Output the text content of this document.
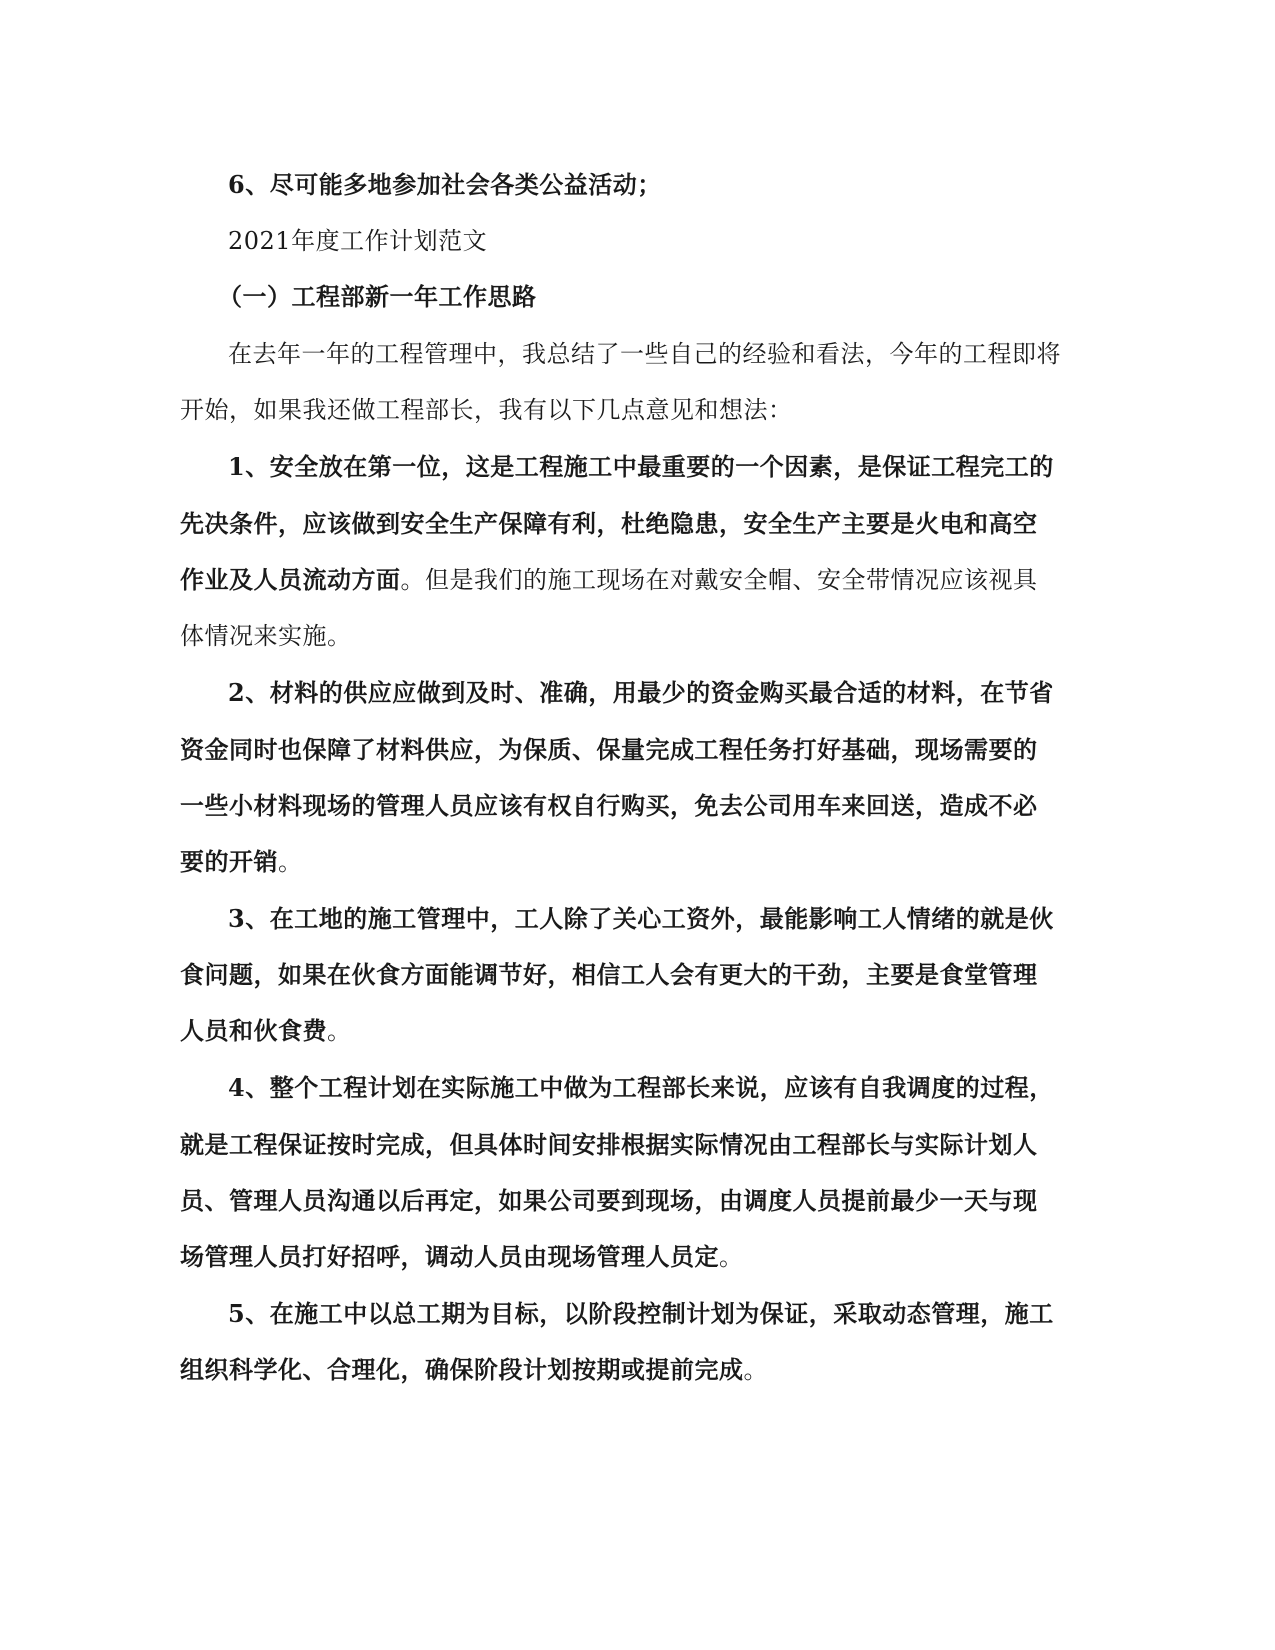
6、尽可能多地参加社会各类公益活动；

2021年度工作计划范文

（一）工程部新一年工作思路

在去年一年的工程管理中，我总结了一些自己的经验和看法，今年的工程即将

开始，如果我还做工程部长，我有以下几点意见和想法：

1、安全放在第一位，这是工程施工中最重要的一个因素，是保证工程完工的

先决条件，应该做到安全生产保障有利，杜绝隐患，安全生产主要是火电和高空

作业及人员流动方面。但是我们的施工现场在对戴安全帽、安全带情况应该视具

体情况来实施。

2、材料的供应应做到及时、准确，用最少的资金购买最合适的材料，在节省

资金同时也保障了材料供应，为保质、保量完成工程任务打好基础，现场需要的

一些小材料现场的管理人员应该有权自行购买，免去公司用车来回送，造成不必

要的开销。

3、在工地的施工管理中，工人除了关心工资外，最能影响工人情绪的就是伙

食问题，如果在伙食方面能调节好，相信工人会有更大的干劲，主要是食堂管理

人员和伙食费。

4、整个工程计划在实际施工中做为工程部长来说，应该有自我调度的过程，

就是工程保证按时完成，但具体时间安排根据实际情况由工程部长与实际计划人

员、管理人员沟通以后再定，如果公司要到现场，由调度人员提前最少一天与现

场管理人员打好招呼，调动人员由现场管理人员定。

5、在施工中以总工期为目标，以阶段控制计划为保证，采取动态管理，施工

组织科学化、合理化，确保阶段计划按期或提前完成。
